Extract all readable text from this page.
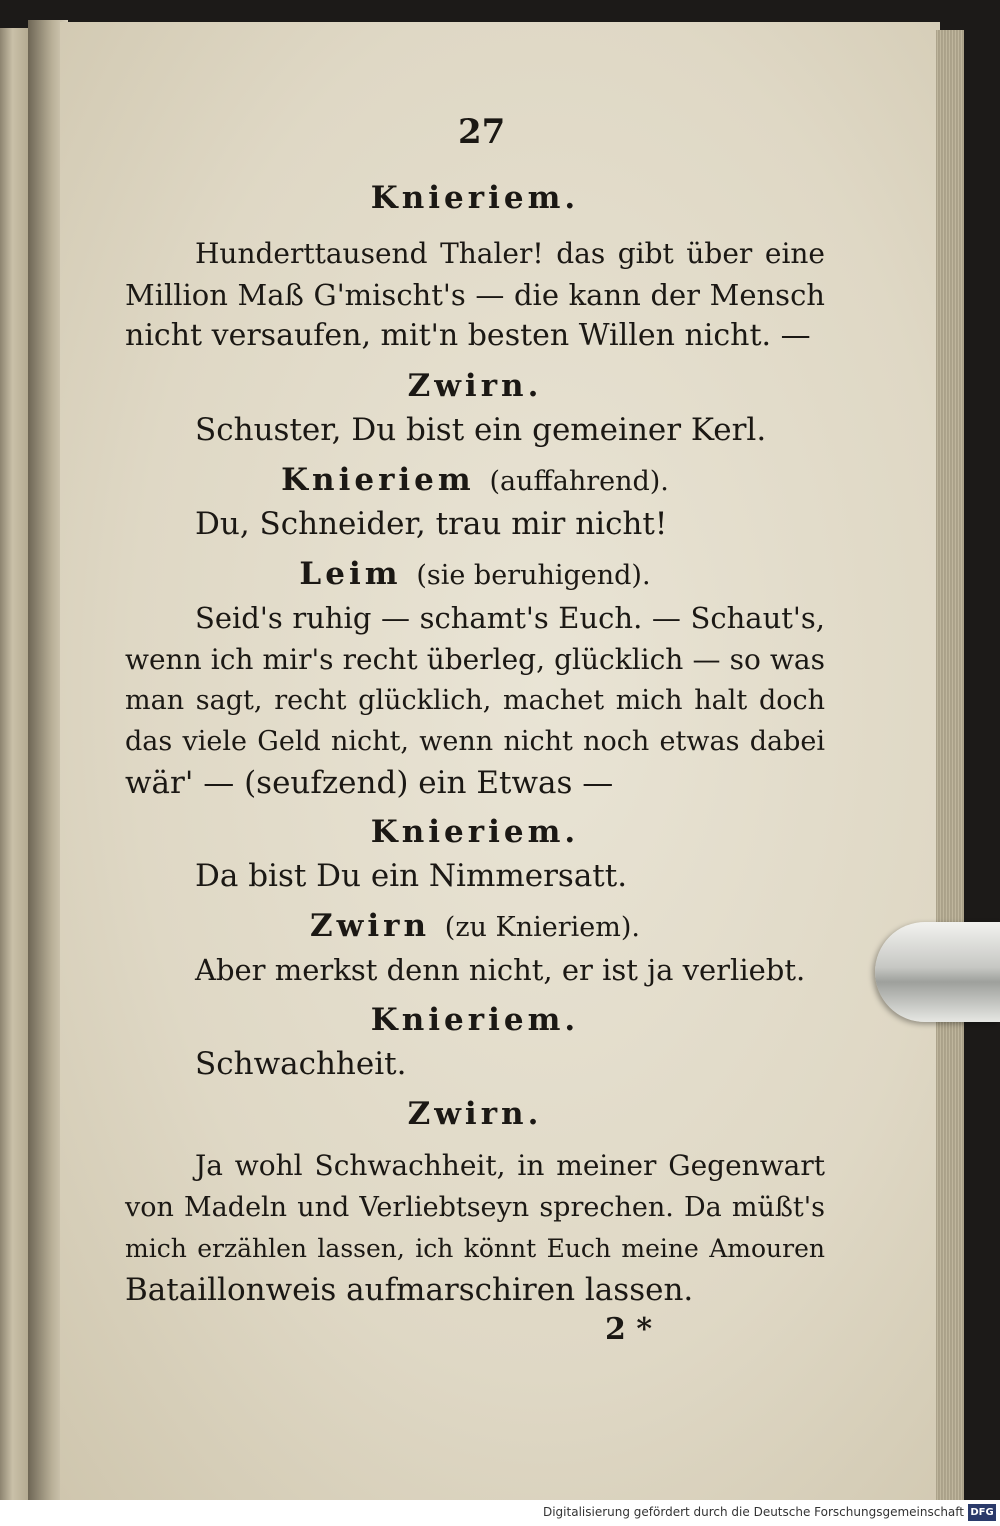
27
Knieriem.
Hunderttausend Thaler! das gibt über eine
Million Maß G'mischt's — die kann der Mensch
nicht versaufen, mit'n besten Willen nicht. —
Zwirn.
Schuster, Du bist ein gemeiner Kerl.
Knieriem (auffahrend).
Du, Schneider, trau mir nicht!
Leim (sie beruhigend).
Seid's ruhig — schamt's Euch. — Schaut's,
wenn ich mir's recht überleg, glücklich — so was
man sagt, recht glücklich, machet mich halt doch
das viele Geld nicht, wenn nicht noch etwas dabei
wär' — (seufzend) ein Etwas —
Knieriem.
Da bist Du ein Nimmersatt.
Zwirn (zu Knieriem).
Aber merkst denn nicht, er ist ja verliebt.
Knieriem.
Schwachheit.
Zwirn.
Ja wohl Schwachheit, in meiner Gegenwart
von Madeln und Verliebtseyn sprechen. Da müßt's
mich erzählen lassen, ich könnt Euch meine Amouren
Bataillonweis aufmarschiren lassen.
2 *
Digitalisierung gefördert durch die Deutsche Forschungsgemeinschaft DFG
